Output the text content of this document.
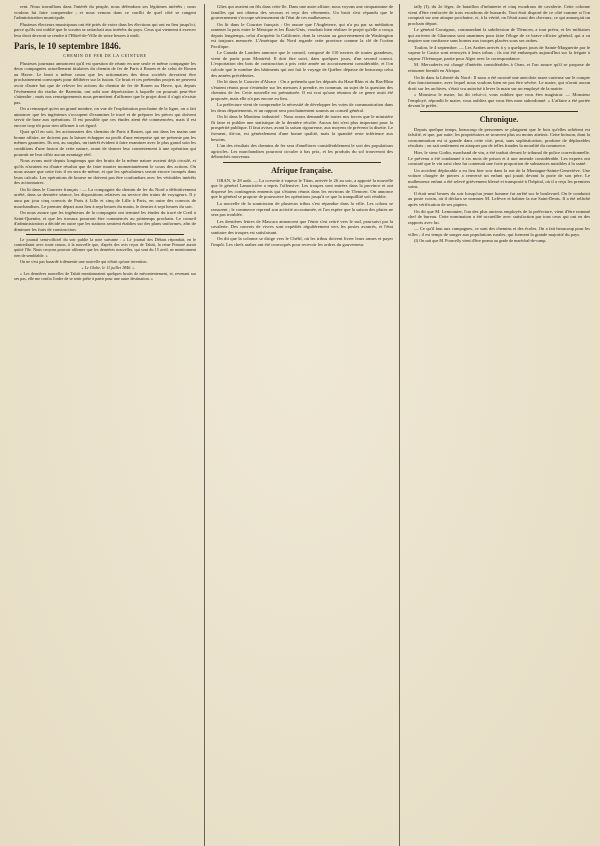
rent. Nous travaillons dans l'intérêt du peuple, nous défendons ses légitimes intérêts ; nous voulons lui faire comprendre ; et nous venons dans ce conflit de quel côté se rangent l'administration municipale.

Plusieurs électeurs municipaux ont été priés de voter dans les élections qui ont eu lieu jusqu'ici, parce qu'ils ont oublié que le scrutin se rattachait aux intérêts du pays. Ceux qui viennent à exercer leur droit devront se rendre à l'Hôtel-de-Ville de seize heures à midi.

Paris, le 10 septembre 1846.
CHEMIN DE FER DE LA CEINTURE

Plusieurs journaux annoncent qu'il est question de réunir en une seule et même compagnie les deux compagnies actuellement titulaires du chemin de fer de Paris à Rouen et de celui de Rouen au Havre. Le bruit a même couru que les actionnaires des deux sociétés devraient être prochainement convoqués pour délibérer sur la fusion. Ce bruit et ces prétendus projets ne peuvent avoir d'autre but que de relever les actions du chemin de fer de Rouen au Havre, qui, depuis l'événement du viaduc de Barentin, ont subi une dépréciation à laquelle on pourrait peut-être s'attendre ; mais nos renseignements nous permettent d'affirmer que le projet dont il s'agit n'existe pas.

On a remarqué qu'en un grand nombre, on vue de l'exploitation prochaine de la ligne, on a fait annoncer que les ingénieurs s'occupent d'examiner le tracé et de préparer les pièces qui doivent servir de base aux opérations. Il est possible que ces études aient été commencées, mais il est encore trop tôt pour rien affirmer à cet égard.

Quoi qu'il en soit, les actionnaires des chemins de Paris à Rouen, qui ont dans les mains une bonne affaire, ne doivent pas la laisser échapper au profit d'une entreprise qui ne présente pas les mêmes garanties. Ils ont, au surplus, un intérêt évident à faire examiner avec le plus grand soin les conditions d'une fusion de cette nature, avant de donner leur consentement à une opération qui pourrait ne leur offrir aucun avantage réel.

Nous avons noté depuis longtemps que des bruits de la même nature avaient déjà circulé, et qu'ils n'avaient eu d'autre résultat que de faire monter momentanément le cours des actions. On nous assure que cette fois il en sera de même, et que les spéculateurs seront encore trompés dans leurs calculs. Les opérations de bourse ne doivent pas être confondues avec les véritables intérêts des actionnaires.

On lit dans le Courrier français : — La compagnie du chemin de fer du Nord a définitivement arrêté, dans sa dernière séance, les dispositions relatives au service des trains de voyageurs. Il y aura par jour cinq convois de Paris à Lille et cinq de Lille à Paris, en outre des convois de marchandises. Le premier départ aura lieu à sept heures du matin, le dernier à sept heures du soir.

On nous assure que les ingénieurs de la compagnie ont terminé les études du tracé de Creil à Saint-Quentin, et que les travaux pourront être commencés au printemps prochain. Le conseil d'administration a décidé en outre que les stations seraient établies sur des plans uniformes, afin de diminuer les frais de construction.

Le journal semi-officiel du soir publie la note suivante : « Le journal des Débats répondait, en le contredisant avec toute raison, à la nouvelle que, d'après des avis reçus de Tahiti, la reine Pomaré aurait quitté l'île. Nous croyons pouvoir affirmer que les dernières nouvelles, qui sont du 15 avril, ne mentionnent rien de semblable. »

On ne s'est pas hasardé à démentir une nouvelle qui n'était qu'une invention.

« Le Globe, le 11 juillet 1846. »

« Les dernières nouvelles de Tahiti mentionnaient quelques bruits de mécontentement, et, revenant sur ses pas, elle me confia l'ordre de se tenir prête à partir pour une autre destination. »

Gîtes qui avaient un fils dans cette île. Dans une autre affaire, nous voyons une cinquantaine de familles qui ont obtenu des secours et reçu des vêtements. Un bruit s'est répandu que le gouvernement s'occupe sérieusement de l'état de ces malheureux.

On lit dans le Courrier français : On assure que l'Angleterre, qui n'a pu par sa médiation ramener la paix entre le Mexique et les États-Unis, voudrait bien réaliser le projet qu'elle a conçu depuis longtemps, celui d'acquérir la Californie, dont la cession au gouvernement de Washington est toujours menacée. L'Amérique du Nord regarde cette province comme la clé de l'océan Pacifique.

Le Canada de Londres annonce que le conseil, composé de 110 navires de toutes grandeurs, vient de partir pour Montréal. Il doit être suivi, dans quelques jours, d'un second convoi. L'exportation des bois de construction a pris cette année un accroissement considérable, et l'on calcule que le nombre des bâtiments qui ont fait le voyage de Québec dépasse de beaucoup celui des années précédentes.

On lit dans le Courrier d'Alsace : On a prétendu que les députés du Haut-Rhin et du Bas-Rhin s'étaient réunis pour s'entendre sur les mesures à prendre, en commun, au sujet de la question des chemins de fer. Cette nouvelle est prématurée. Il est vrai qu'une réunion de ce genre avait été proposée, mais elle n'a pas encore eu lieu.

La préfecture vient de comprendre la nécessité de développer les voies de communication dans les deux départements, et un rapport sera prochainement soumis au conseil général.

On lit dans le Moniteur industriel : Nous avons demandé de toutes nos forces que le ministère fît faire et publier une statistique de la dernière récolte. Aucun fait n'est plus important pour la prospérité publique. Il faut aviser, avant la saison rigoureuse, aux moyens de prévenir la disette. Le froment, dit-on, est généralement d'une bonne qualité, mais la quantité reste inférieure aux besoins.

L'un des résultats des chemins de fer sera d'améliorer considérablement le sort des populations agricoles. Les marchandises pourront circuler à bas prix, et les produits du sol trouveront des débouchés nouveaux.

Afrique française.

ORAN, le 28 août. — La corvette à vapeur le Titan, arrivée le 26 au soir, a apporté la nouvelle que le général Lamoricière a repris l'offensive. Les troupes sont entrées dans la province et ont dispersé les contingents ennemis qui s'étaient réunis dans les environs de Tlemcen. On annonce que le général se propose de poursuivre les opérations jusqu'à ce que la tranquillité soit rétablie.

La nouvelle de la soumission de plusieurs tribus s'est répandue dans la ville. Les colons se rassurent ; le commerce reprend son activité accoutumée, et l'on espère que la saison des pluies ne sera pas troublée.

Les dernières lettres de Mascara annoncent que l'émir s'est retiré vers le sud, poursuivi par la cavalerie. Des convois de vivres sont expédiés régulièrement vers les postes avancés, et l'état sanitaire des troupes est satisfaisant.

On dit que la colonne se dirige vers le Chélif, où les tribus doivent livrer leurs armes et payer l'impôt. Les chefs arabes ont été convoqués pour recevoir les ordres du gouverneur.

tally (I), du 2e léger, 4e bataillon d'infanterie et cinq escadrons de cavalerie. Cette colonne vient d'être renforcée de trois escadrons de hussards. Tout était disposé de ce côté comme si l'on comptait sur une attaque prochaine, et, à la vérité, on l'était aussi des chevaux, ce qui annonçait un prochain départ.

Le général Cavaignac, commandant la subdivision de Tlemcen, a tout prévu, et les militaires qui arrivent de Gharouna sont unanimes pour faire l'éloge de ce brave officier général, qui a su inspirer une confiance sans bornes aux troupes placées sous ses ordres.

Toulon, le 4 septembre. — Les Arabes arrivés à y a quelques jours de Sainte-Marguerite par le vapeur le Castor sont renvoyés à leurs tribus ; ils ont été embarqués aujourd'hui sur la frégate à vapeur l'Orénoque, partie pour Alger avec la correspondance.

M. Mercaderès est chargé d'intérêts considérables à Oran, et l'on assure qu'il se propose de retourner bientôt en Afrique.

On lit dans la Liberté du Nord : Il nous a été raconté une anecdote assez curieuse sur le compte d'un fonctionnaire, avec lequel nous voulons bien ne pas être sévère. Le maire, qui n'avait aucun droit sur les archives, s'était cru autorisé à lever la main sur un employé de la mairie.

« Monsieur le maire, lui dit celui-ci, vous oubliez que vous êtes magistrat. — Monsieur l'employé, répondit le maire, vous oubliez que vous êtes mon subordonné. » L'affaire a été portée devant le préfet.

Chronique.

Depuis quelque temps, beaucoup de personnes se plaignent que le bois qu'elles achètent est falsifié, et que, par suite, les propriétaires se trouvent plus ou moins atteints. Cette boisson, dont la consommation est si grande dans cette cité, peut, sans sophistication, produire de déplorables résultats ; on sait seulement en attaquer par de telles fraudes la moralité du commerce.

Hier, le sieur Godin, marchand de vin, a été traduit devant le tribunal de police correctionnelle. Le prévenu a été condamné à six mois de prison et à une amende considérable. Les experts ont constaté que le vin saisi chez lui contenait une forte proportion de substances nuisibles à la santé.

Un accident déplorable a eu lieu hier soir dans la rue de la Montagne-Sainte-Geneviève. Une voiture chargée de pierres a renversé un enfant qui jouait devant la porte de son père. Le malheureux enfant a été relevé grièvement blessé et transporté à l'hôpital, où il a reçu les premiers soins.

Il était neuf heures du soir lorsqu'un jeune homme fut arrêté sur le boulevard. On le conduisit au poste voisin, où il déclara se nommer M. Lefèvre et habiter la rue Saint-Denis. Il a été relâché après vérification de ses papiers.

On dit que M. Lemonnier, l'un des plus anciens employés de la préfecture, vient d'être nommé chef de bureau. Cette nomination a été accueillie avec satisfaction par tous ceux qui ont eu des rapports avec lui.

— Ce qu'il faut aux campagnes, ce sont des chemins et des écoles. On a fait beaucoup pour les villes ; il est temps de songer aux populations rurales, qui forment la grande majorité du pays.

(I) On sait que M. Pourcelly vient d'être promu au grade de maréchal-de-camp.
